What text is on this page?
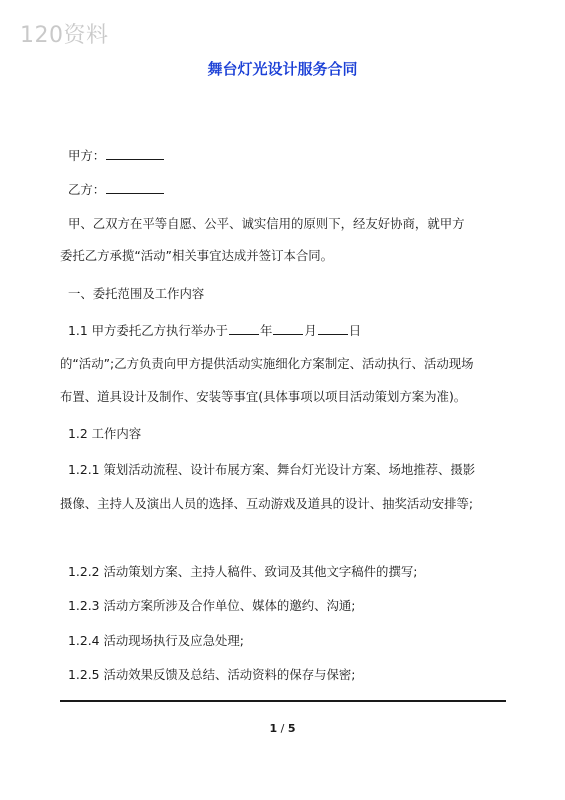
120资料
舞台灯光设计服务合同
甲方：
乙方：
甲、乙双方在平等自愿、公平、诚实信用的原则下，经友好协商，就甲方
委托乙方承揽“活动”相关事宜达成并签订本合同。
一、委托范围及工作内容
1.1 甲方委托乙方执行举办于	年	月	日
的“活动”;乙方负责向甲方提供活动实施细化方案制定、活动执行、活动现场
布置、道具设计及制作、安装等事宜(具体事项以项目活动策划方案为准)。
1.2 工作内容
1.2.1 策划活动流程、设计布展方案、舞台灯光设计方案、场地推荐、摄影
摄像、主持人及演出人员的选择、互动游戏及道具的设计、抽奖活动安排等;
1.2.2 活动策划方案、主持人稿件、致词及其他文字稿件的撰写;
1.2.3 活动方案所涉及合作单位、媒体的邀约、沟通;
1.2.4 活动现场执行及应急处理;
1.2.5 活动效果反馈及总结、活动资料的保存与保密;
1 / 5
